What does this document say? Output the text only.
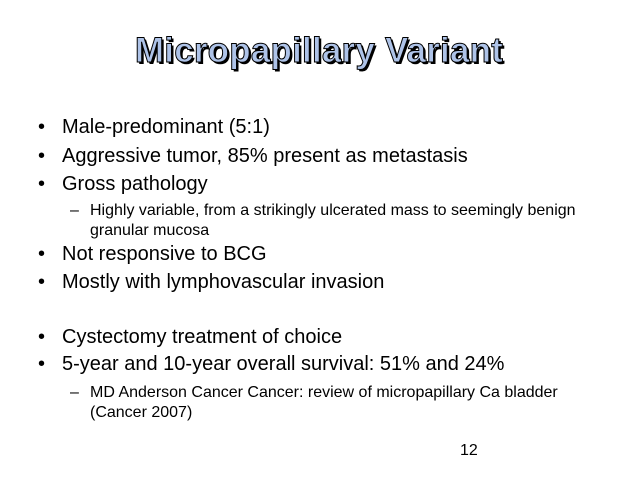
Micropapillary Variant
• Male-predominant (5:1)
• Aggressive tumor, 85% present as metastasis
• Gross pathology
– Highly variable, from a strikingly ulcerated mass to seemingly benign granular mucosa
• Not responsive to BCG
• Mostly with lymphovascular invasion
• Cystectomy treatment of choice
• 5-year and 10-year overall survival: 51% and 24%
– MD Anderson Cancer Cancer: review of micropapillary Ca bladder (Cancer 2007)
12
